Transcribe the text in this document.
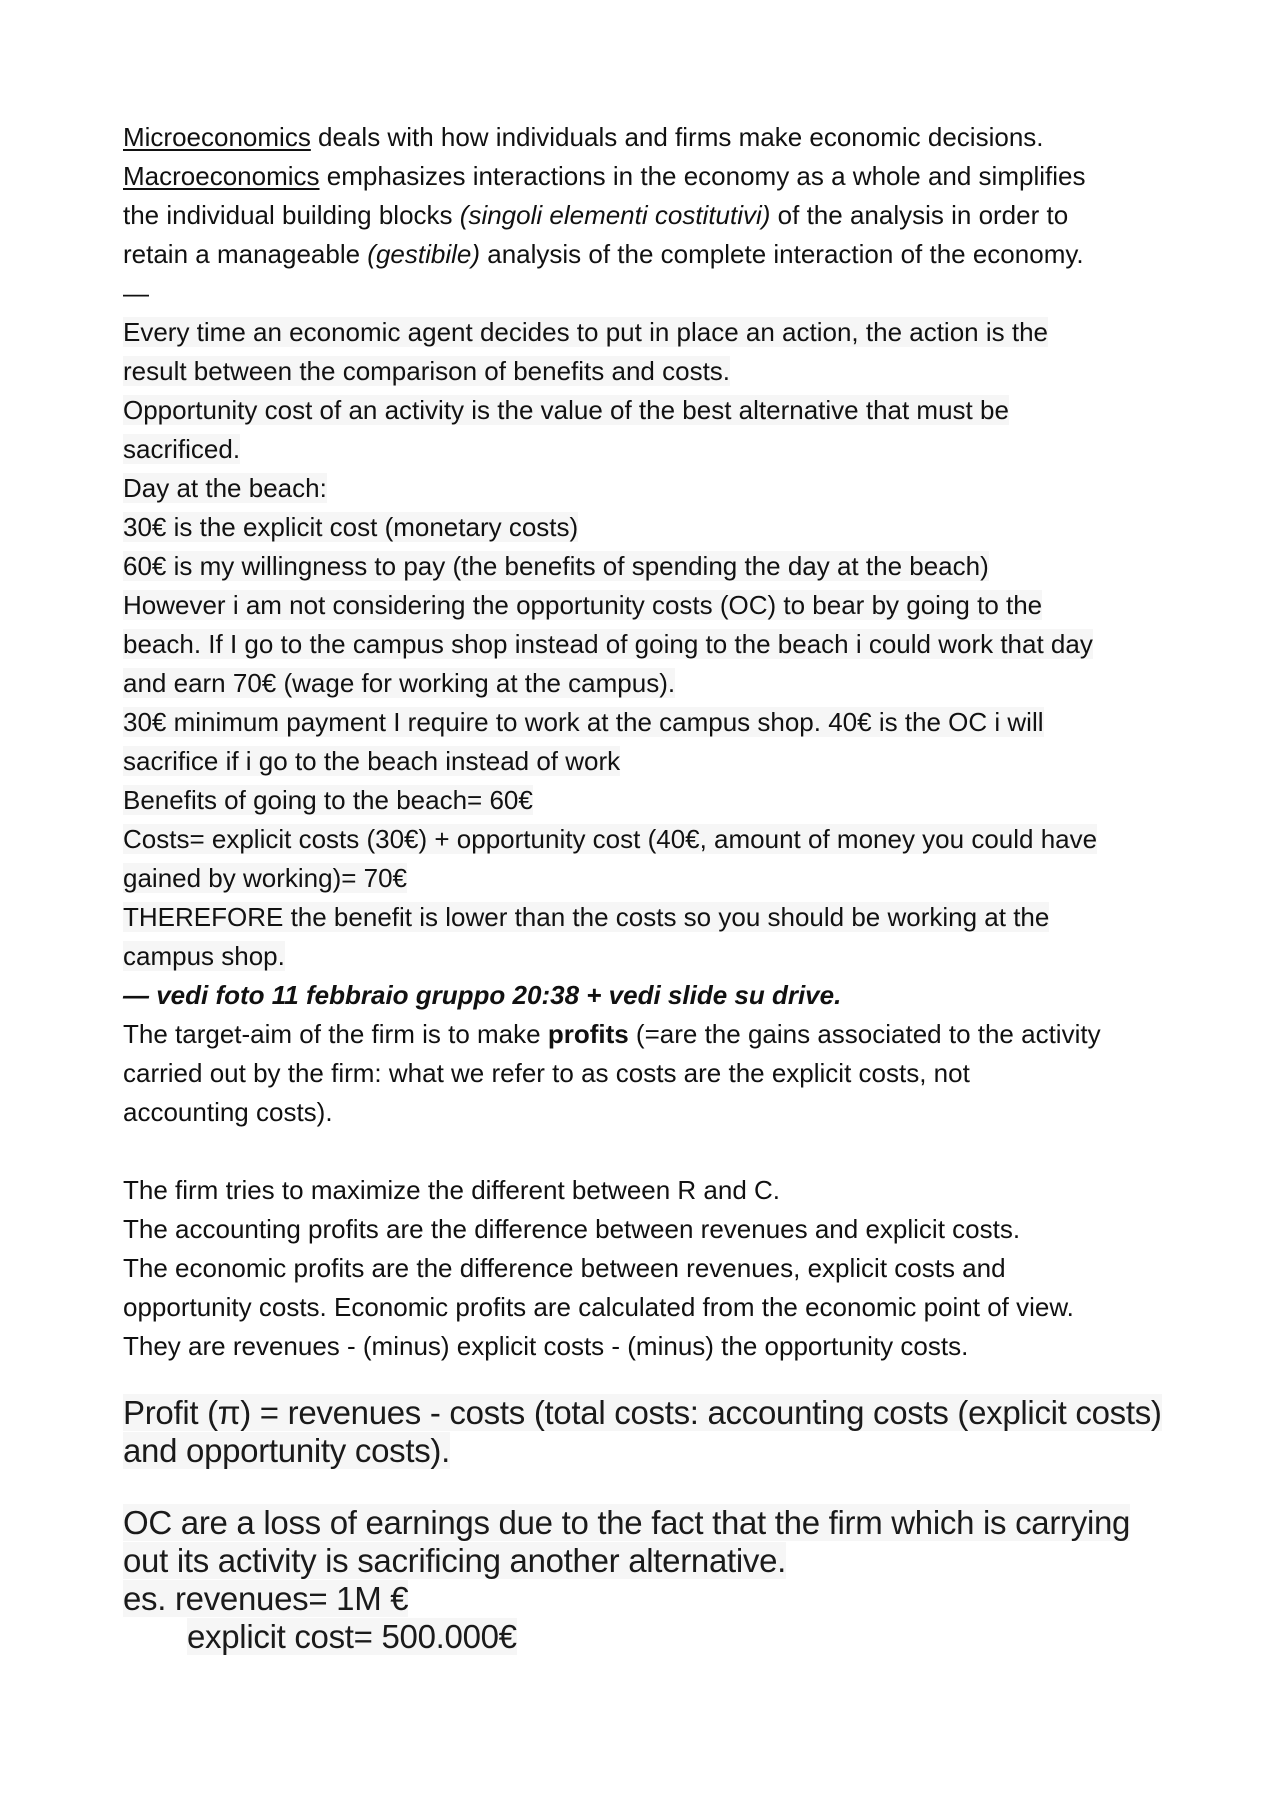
Microeconomics deals with how individuals and firms make economic decisions.
Macroeconomics emphasizes interactions in the economy as a whole and simplifies
the individual building blocks (singoli elementi costitutivi) of the analysis in order to
retain a manageable (gestibile) analysis of the complete interaction of the economy.
—
Every time an economic agent decides to put in place an action, the action is the
result between the comparison of benefits and costs.
Opportunity cost of an activity is the value of the best alternative that must be
sacrificed.
Day at the beach:
30€ is the explicit cost (monetary costs)
60€ is my willingness to pay (the benefits of spending the day at the beach)
However i am not considering the opportunity costs (OC) to bear by going to the
beach. If I go to the campus shop instead of going to the beach i could work that day
and earn 70€ (wage for working at the campus).
30€ minimum payment I require to work at the campus shop. 40€ is the OC i will
sacrifice if i go to the beach instead of work
Benefits of going to the beach= 60€
Costs= explicit costs (30€) + opportunity cost (40€, amount of money you could have
gained by working)= 70€
THEREFORE the benefit is lower than the costs so you should be working at the
campus shop.
— vedi foto 11 febbraio gruppo 20:38 + vedi slide su drive.
The target-aim of the firm is to make profits (=are the gains associated to the activity
carried out by the firm: what we refer to as costs are the explicit costs, not
accounting costs).
The firm tries to maximize the different between R and C.
The accounting profits are the difference between revenues and explicit costs.
The economic profits are the difference between revenues, explicit costs and
opportunity costs. Economic profits are calculated from the economic point of view.
They are revenues - (minus) explicit costs - (minus) the opportunity costs.
Profit (π) = revenues - costs (total costs: accounting costs (explicit costs)
and opportunity costs).
OC are a loss of earnings due to the fact that the firm which is carrying
out its activity is sacrificing another alternative.
es. revenues= 1M €
explicit cost= 500.000€
